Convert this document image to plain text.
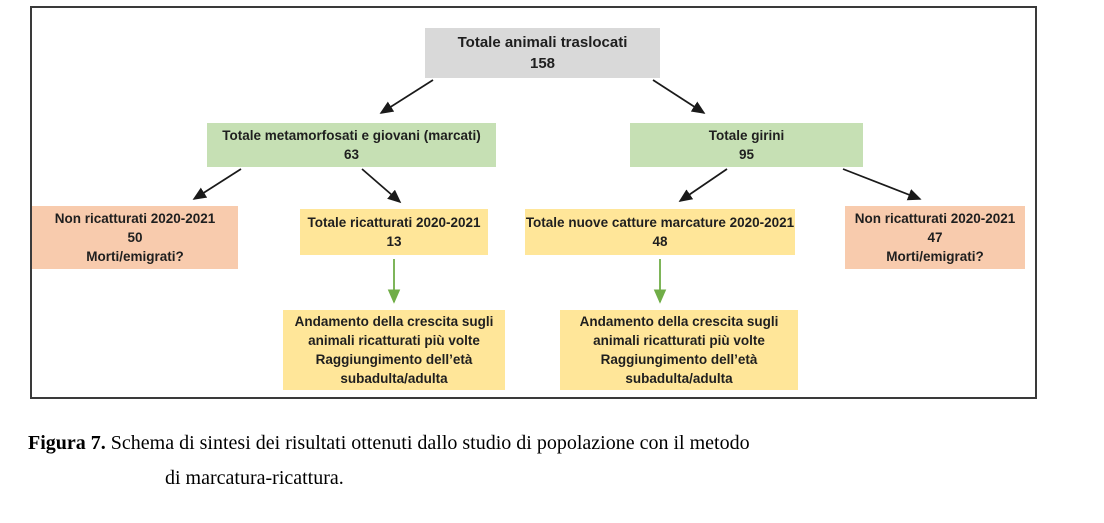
Totale animali traslocati
158
Totale metamorfosati e giovani (marcati)
63
Totale girini
95
Non ricatturati 2020-2021
50
Morti/emigrati?
Totale ricatturati 2020-2021
13
Totale nuove catture marcature 2020-2021
48
Non ricatturati 2020-2021
47
Morti/emigrati?
Andamento della crescita sugli
animali ricatturati più volte
Raggiungimento dell’età
subadulta/adulta
Andamento della crescita sugli
animali ricatturati più volte
Raggiungimento dell’età
subadulta/adulta
Figura 7. Schema di sintesi dei risultati ottenuti dallo studio di popolazione con il metodo
di marcatura-ricattura.
